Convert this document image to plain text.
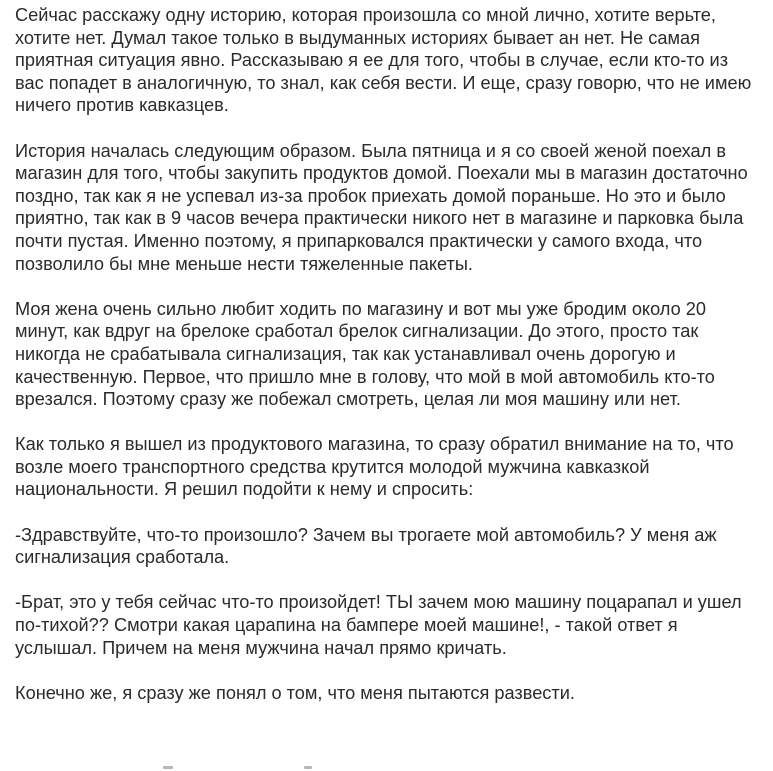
Сейчас расскажу одну историю, которая произошла со мной лично, хотите верьте, хотите нет. Думал такое только в выдуманных историях бывает ан нет. Не самая приятная ситуация явно. Рассказываю я ее для того, чтобы в случае, если кто-то из вас попадет в аналогичную, то знал, как себя вести. И еще, сразу говорю, что не имею ничего против кавказцев.

История началась следующим образом. Была пятница и я со своей женой поехал в магазин для того, чтобы закупить продуктов домой. Поехали мы в магазин достаточно поздно, так как я не успевал из-за пробок приехать домой пораньше. Но это и было приятно, так как в 9 часов вечера практически никого нет в магазине и парковка была почти пустая. Именно поэтому, я припарковался практически у самого входа, что позволило бы мне меньше нести тяжеленные пакеты.

Моя жена очень сильно любит ходить по магазину и вот мы уже бродим около 20 минут, как вдруг на брелоке сработал брелок сигнализации. До этого, просто так никогда не срабатывала сигнализация, так как устанавливал очень дорогую и качественную. Первое, что пришло мне в голову, что мой в мой автомобиль кто-то врезался. Поэтому сразу же побежал смотреть, целая ли моя машину или нет.

Как только я вышел из продуктового магазина, то сразу обратил внимание на то, что возле моего транспортного средства крутится молодой мужчина кавказкой национальности. Я решил подойти к нему и спросить:

-Здравствуйте, что-то произошло? Зачем вы трогаете мой автомобиль? У меня аж сигнализация сработала.

-Брат, это у тебя сейчас что-то произойдет! ТЫ зачем мою машину поцарапал и ушел по-тихой?? Смотри какая царапина на бампере моей машине!, - такой ответ я услышал. Причем на меня мужчина начал прямо кричать.

Конечно же, я сразу же понял о том, что меня пытаются развести.
